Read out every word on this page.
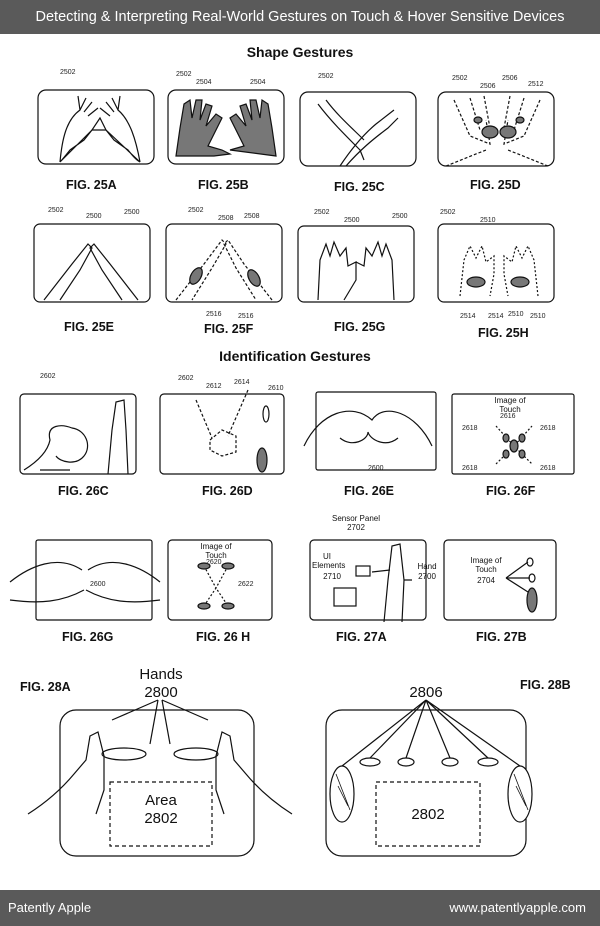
Detecting & Interpreting Real-World Gestures on Touch & Hover Sensitive Devices
2502	2502
2504	2504
2502	2502
2506
2506
2512
2502
2500
2500	2502
2508 2508
2516 2516
2502
2500
2500
2502
2510
2514 2514 2510 2510
2602	2602
2612
2614
2610
2600
2616
2618	2618
2618	2618
2600
2620
2622
Shape Gestures
Identification Gestures
FIG. 25A	FIG. 25B	FIG. 25C	FIG. 25D
FIG. 25E	FIG. 25F	FIG. 25G	FIG. 25H
FIG. 26C	FIG. 26D	FIG. 26E	FIG. 26F
FIG. 26G	FIG. 26 H	FIG. 27A	FIG. 27B
FIG. 28A	FIG. 28B
Image of Touch
Image of Touch
Sensor Panel
2702
UI Elements
2710
Hand
2700
Image of Touch
2704
Hands
2800
Area
2802
2806
2802
Patently Apple	www.patentlyapple.com
